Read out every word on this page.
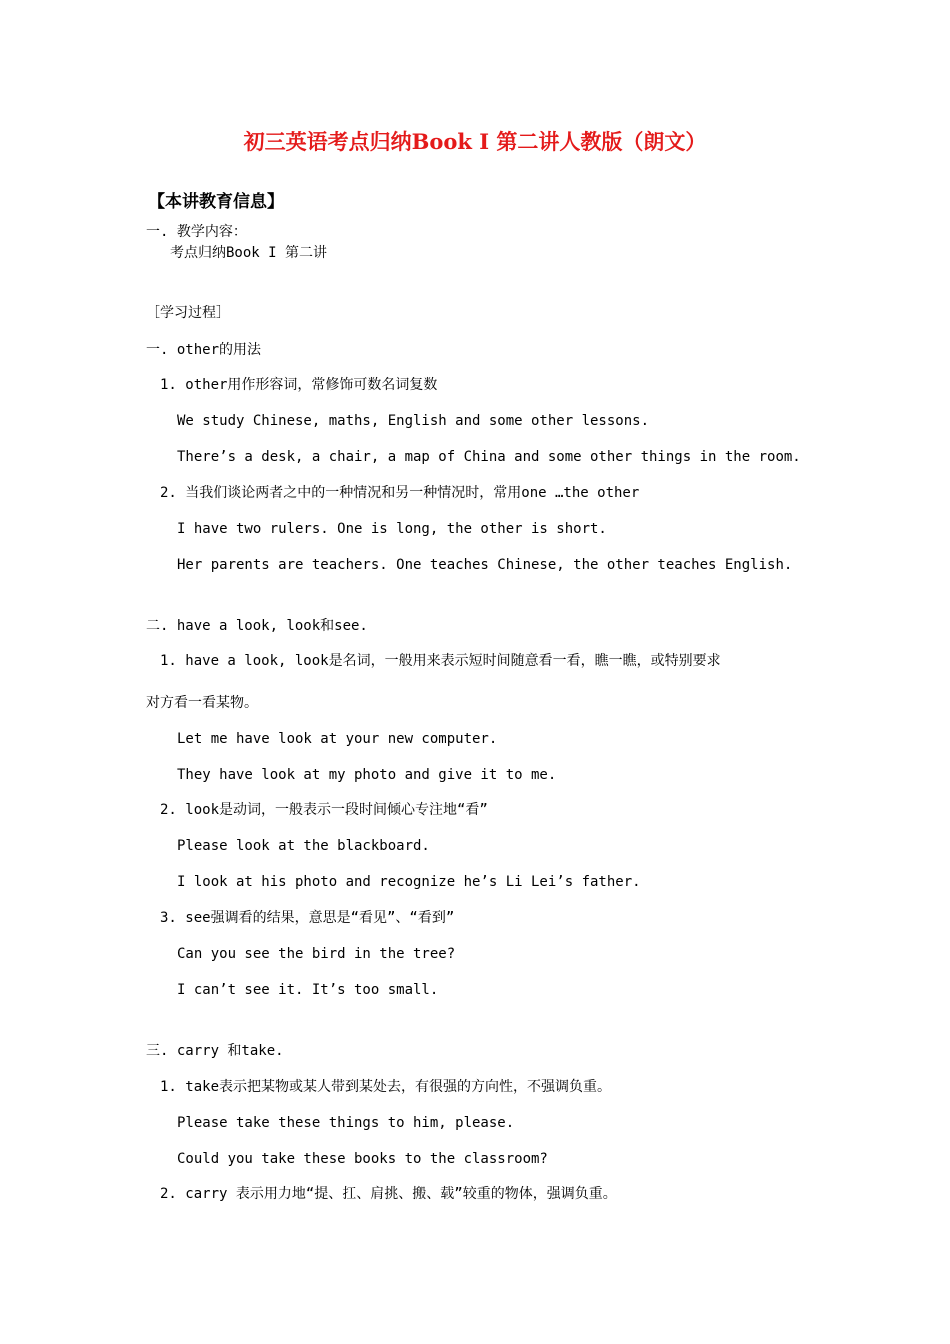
初三英语考点归纳Book I 第二讲人教版（朗文）
【本讲教育信息】
一. 教学内容：
考点归纳Book I 第二讲
［学习过程］
一. other的用法
1. other用作形容词，常修饰可数名词复数
We study Chinese, maths, English and some other lessons.
There’s a desk, a chair, a map of China and some other things in the room.
2. 当我们谈论两者之中的一种情况和另一种情况时，常用one …the other
I have two rulers. One is long, the other is short.
Her parents are teachers. One teaches Chinese, the other teaches English.
二. have a look, look和see.
1. have a look, look是名词，一般用来表示短时间随意看一看，瞧一瞧，或特别要求
对方看一看某物。
Let me have look at your new computer.
They have look at my photo and give it to me.
2. look是动词，一般表示一段时间倾心专注地“看”
Please look at the blackboard.
I look at his photo and recognize he’s Li Lei’s father.
3. see强调看的结果，意思是“看见”、“看到”
Can you see the bird in the tree?
I can’t see it. It’s too small.
三. carry 和take.
1. take表示把某物或某人带到某处去，有很强的方向性，不强调负重。
Please take these things to him, please.
Could you take these books to the classroom?
2. carry 表示用力地“提、扛、肩挑、搬、载”较重的物体，强调负重。
